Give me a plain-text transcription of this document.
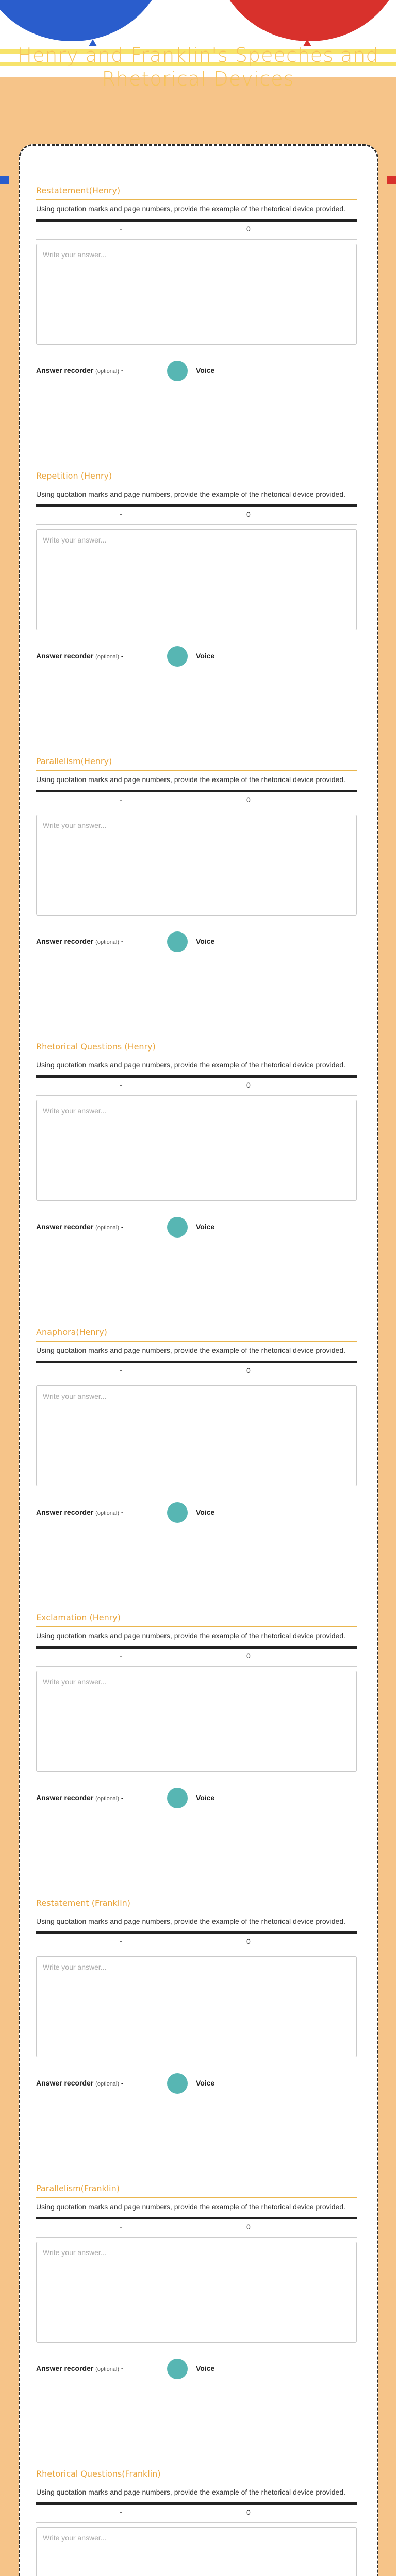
Henry and Franklin's Speeches and Rhetorical Devices
Restatement(Henry)
Using quotation marks and page numbers, provide the example of the rhetorical device provided.
-	0
Write your answer...
Answer recorder (optional) -	Voice
Repetition (Henry)
Using quotation marks and page numbers, provide the example of the rhetorical device provided.
-	0
Write your answer...
Answer recorder (optional) -	Voice
Parallelism(Henry)
Using quotation marks and page numbers, provide the example of the rhetorical device provided.
-	0
Write your answer...
Answer recorder (optional) -	Voice
Rhetorical Questions (Henry)
Using quotation marks and page numbers, provide the example of the rhetorical device provided.
-	0
Write your answer...
Answer recorder (optional) -	Voice
Anaphora(Henry)
Using quotation marks and page numbers, provide the example of the rhetorical device provided.
-	0
Write your answer...
Answer recorder (optional) -	Voice
Exclamation (Henry)
Using quotation marks and page numbers, provide the example of the rhetorical device provided.
-	0
Write your answer...
Answer recorder (optional) -	Voice
Restatement (Franklin)
Using quotation marks and page numbers, provide the example of the rhetorical device provided.
-	0
Write your answer...
Answer recorder (optional) -	Voice
Parallelism(Franklin)
Using quotation marks and page numbers, provide the example of the rhetorical device provided.
-	0
Write your answer...
Answer recorder (optional) -	Voice
Rhetorical Questions(Franklin)
Using quotation marks and page numbers, provide the example of the rhetorical device provided.
-	0
Write your answer...
